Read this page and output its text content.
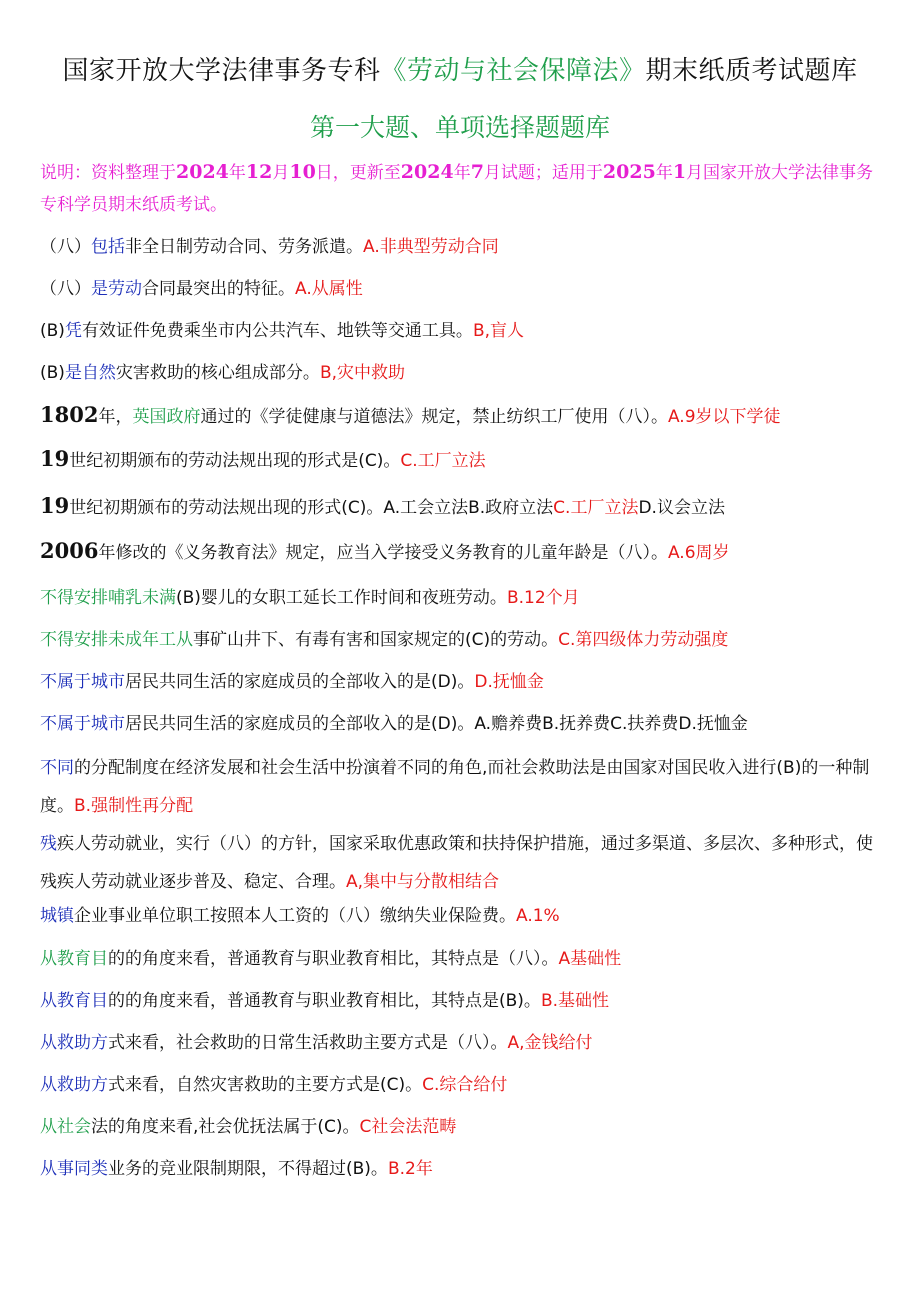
国家开放大学法律事务专科《劳动与社会保障法》期末纸质考试题库
第一大题、单项选择题题库
说明：资料整理于2024年12月10日，更新至2024年7月试题；适用于2025年1月国家开放大学法律事务专科学员期末纸质考试。
（八）包括非全日制劳动合同、劳务派遣。A.非典型劳动合同
（八）是劳动合同最突出的特征。A.从属性
(B)凭有效证件免费乘坐市内公共汽车、地铁等交通工具。B,盲人
(B)是自然灾害救助的核心组成部分。B,灾中救助
1802年，英国政府通过的《学徒健康与道德法》规定，禁止纺织工厂使用（八）。A.9岁以下学徒
19世纪初期颁布的劳动法规出现的形式是(C)。C.工厂立法
19世纪初期颁布的劳动法规出现的形式(C)。A.工会立法B.政府立法C.工厂立法D.议会立法
2006年修改的《义务教育法》规定，应当入学接受义务教育的儿童年龄是（八）。A.6周岁
不得安排哺乳未满(B)婴儿的女职工延长工作时间和夜班劳动。B.12个月
不得安排未成年工从事矿山井下、有毒有害和国家规定的(C)的劳动。C.第四级体力劳动强度
不属于城市居民共同生活的家庭成员的全部收入的是(D)。D.抚恤金
不属于城市居民共同生活的家庭成员的全部收入的是(D)。A.赡养费B.抚养费C.扶养费D.抚恤金
不同的分配制度在经济发展和社会生活中扮演着不同的角色,而社会救助法是由国家对国民收入进行(B)的一种制度。B.强制性再分配
残疾人劳动就业，实行（八）的方针，国家采取优惠政策和扶持保护措施，通过多渠道、多层次、多种形式，使残疾人劳动就业逐步普及、稳定、合理。A,集中与分散相结合
城镇企业事业单位职工按照本人工资的（八）缴纳失业保险费。A.1%
从教育目的的角度来看，普通教育与职业教育相比，其特点是（八）。A基础性
从教育目的的角度来看，普通教育与职业教育相比，其特点是(B)。B.基础性
从救助方式来看，社会救助的日常生活救助主要方式是（八）。A,金钱给付
从救助方式来看，自然灾害救助的主要方式是(C)。C.综合给付
从社会法的角度来看,社会优抚法属于(C)。C社会法范畴
从事同类业务的竞业限制期限，不得超过(B)。B.2年
